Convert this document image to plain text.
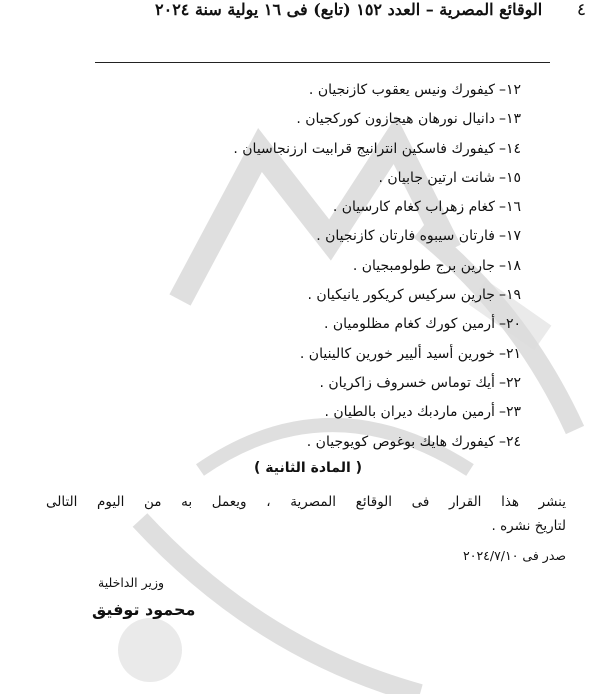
٤
الوقائع المصرية – العدد ١٥٢ (تابع) فى ١٦ يولية سنة ٢٠٢٤
١٢–كيفورك ونيس يعقوب كازنجيان .
١٣–دانيال نورهان هيجازون كوركجيان .
١٤–كيفورك فاسكين انترانيج قرابيت ارزنجاسيان .
١٥–شانت ارتين جابيان .
١٦–كغام زهراب كغام كارسيان .
١٧–فارتان سيبوه فارتان كازنجيان .
١٨–جارين برج طولومبجيان .
١٩–جارين سركيس كريكور يانيكيان .
٢٠–أرمين كورك كغام مظلوميان .
٢١–خورين أسيد أليير خورين كالينيان .
٢٢–أيك توماس خسروف زاكريان .
٢٣–أرمين ماردبك ديران بالطيان .
٢٤–كيفورك هايك بوغوص كويوجيان .
( المادة الثانية )
ينشر هذا القرار فى الوقائع المصرية ، ويعمل به من اليوم التالى
لتاريخ نشره .
صدر فى ٢٠٢٤/٧/١٠
وزير الداخلية
محمود توفيق
